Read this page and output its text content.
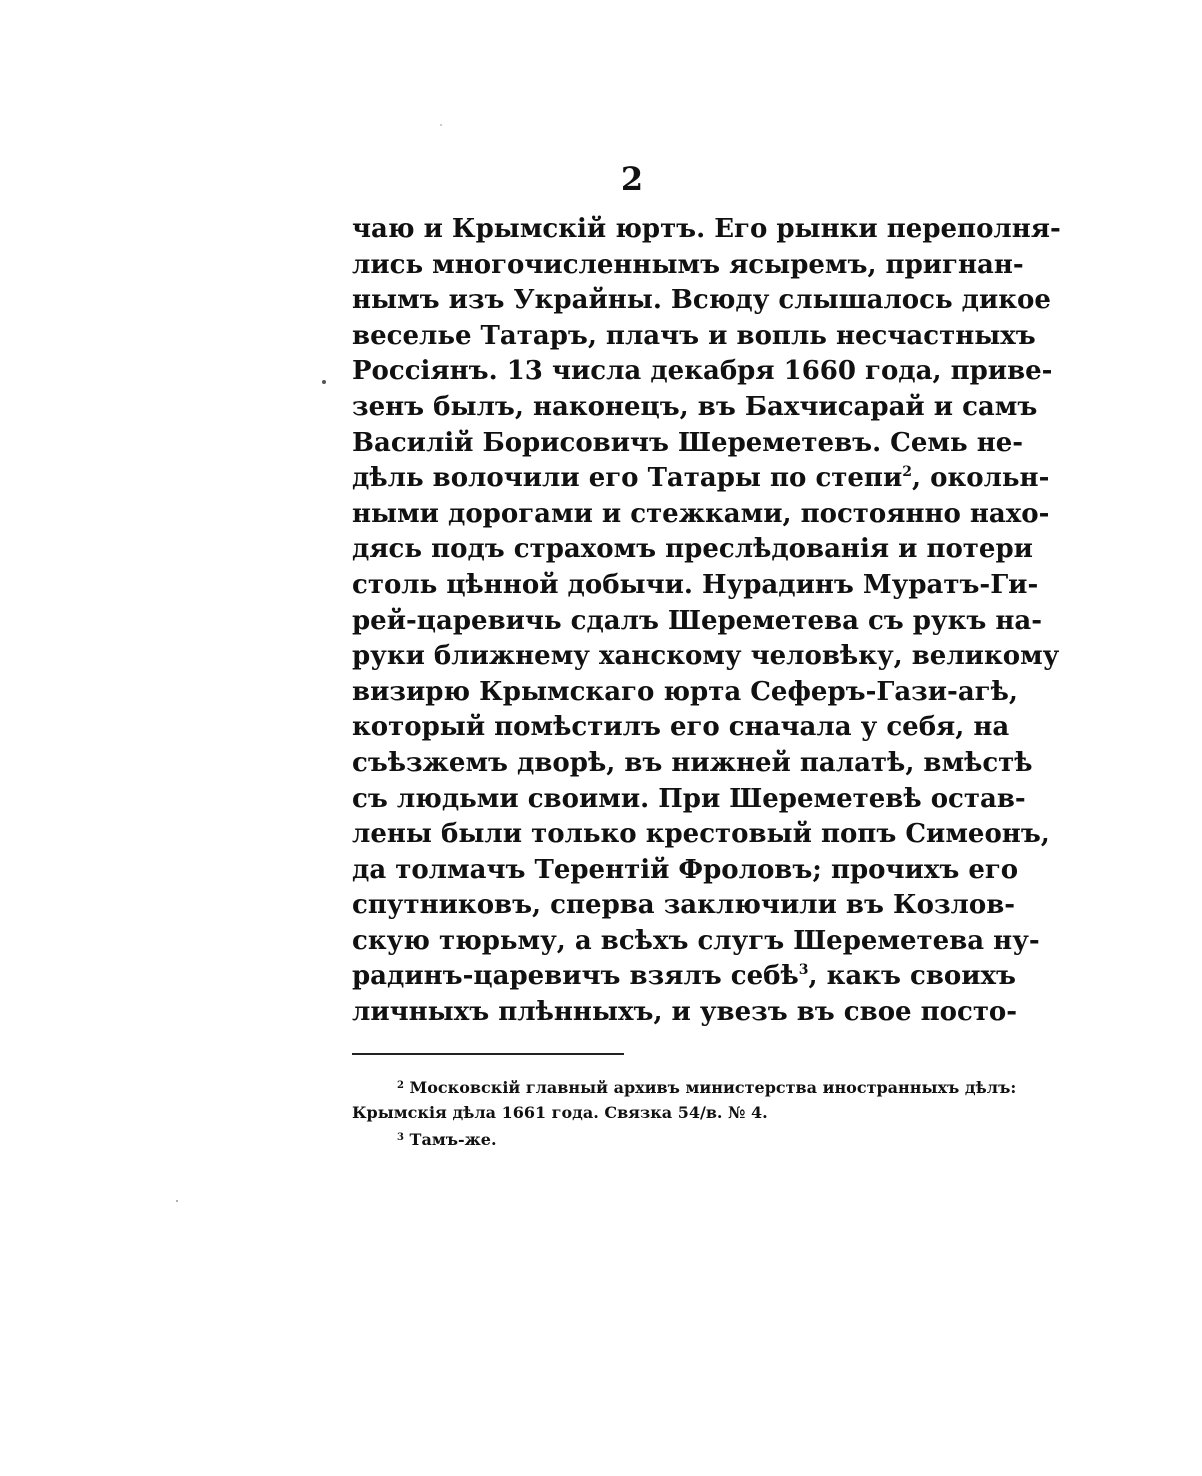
2
чаю и Крымскій юртъ. Его рынки переполня-
лись многочисленнымъ ясыремъ, пригнан-
нымъ изъ Украйны. Всюду слышалось дикое
веселье Татаръ, плачъ и вопль несчастныхъ
Россіянъ. 13 числа декабря 1660 года, приве-
зенъ былъ, наконецъ, въ Бахчисарай и самъ
Василій Борисовичъ Шереметевъ. Семь не-
дѣль волочили его Татары по степи$^2$, окольн-
ными дорогами и стежками, постоянно нахо-
дясь подъ страхомъ преслѣдованія и потери
столь цѣнной добычи. Нурадинъ Муратъ-Ги-
рей-царевичь сдалъ Шереметева съ рукъ на-
руки ближнему ханскому человѣку, великому
визирю Крымскаго юрта Сеферъ-Гази-агѣ,
который помѣстилъ его сначала у себя, на
съѣзжемъ дворѣ, въ нижней палатѣ, вмѣстѣ
съ людьми своими. При Шереметевѣ остав-
лены были только крестовый попъ Симеонъ,
да толмачъ Терентій Фроловъ; прочихъ его
спутниковъ, сперва заключили въ Козлов-
скую тюрьму, а всѣхъ слугъ Шереметева ну-
радинъ-царевичъ взялъ себѣ$^3$, какъ своихъ
личныхъ плѣнныхъ, и увезъ въ свое посто-
$^2$ Московскій главный архивъ министерства иностранныхъ дѣлъ:
Крымскія дѣла 1661 года. Связка 54/в. № 4.
$^3$ Тамъ-же.
